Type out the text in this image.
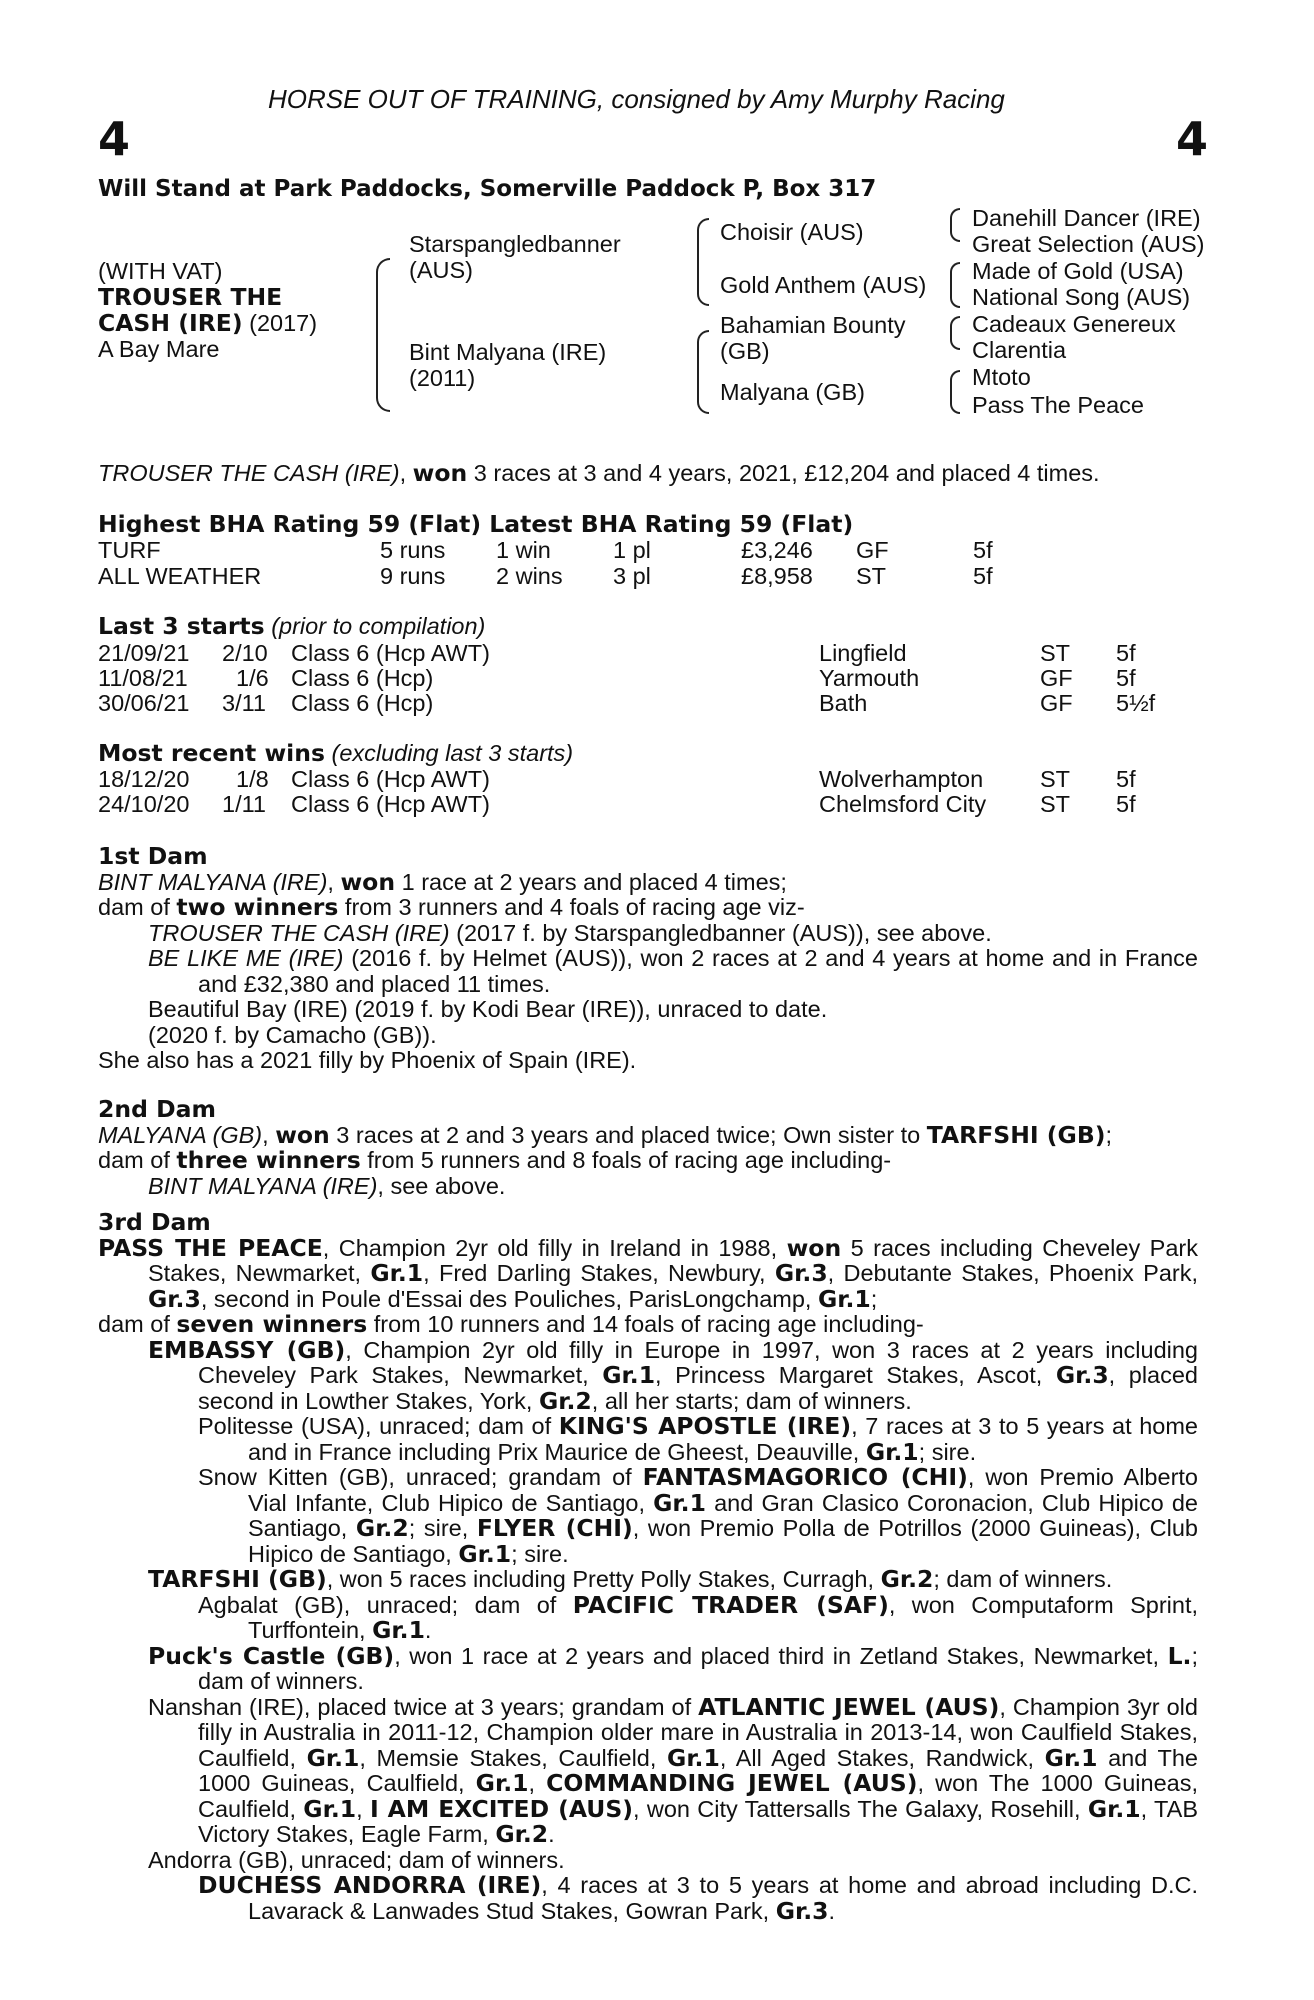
HORSE OUT OF TRAINING, consigned by Amy Murphy Racing
4	4
Will Stand at Park Paddocks, Somerville Paddock P, Box 317
(WITH VAT)
TROUSER THE
CASH (IRE) (2017)
A Bay Mare
Starspangledbanner
(AUS)
Bint Malyana (IRE)
(2011)
Choisir (AUS)
Gold Anthem (AUS)
Bahamian Bounty
(GB)
Malyana (GB)
Danehill Dancer (IRE)
Great Selection (AUS)
Made of Gold (USA)
National Song (AUS)
Cadeaux Genereux
Clarentia
Mtoto
Pass The Peace
TROUSER THE CASH (IRE), won 3 races at 3 and 4 years, 2021, £12,204 and placed 4 times.
Highest BHA Rating 59 (Flat) Latest BHA Rating 59 (Flat)
TURF	5 runs 1 win	1 pl	£3,246 GF	5f
ALL WEATHER	9 runs 2 wins 3 pl	£8,958 ST	5f
Last 3 starts (prior to compilation)
21/09/21 2/10 Class 6 (Hcp AWT)	Lingfield	ST 5f
11/08/21 1/6 Class 6 (Hcp)	Yarmouth	GF 5f
30/06/21 3/11 Class 6 (Hcp)	Bath	GF 5½f
Most recent wins (excluding last 3 starts)
18/12/20 1/8 Class 6 (Hcp AWT)	Wolverhampton ST 5f
24/10/20 1/11 Class 6 (Hcp AWT)	Chelmsford City ST 5f

1st Dam

BINT MALYANA (IRE), won 1 race at 2 years and placed 4 times;

dam of two winners from 3 runners and 4 foals of racing age viz-

TROUSER THE CASH (IRE) (2017 f. by Starspangledbanner (AUS)), see above.

BE LIKE ME (IRE) (2016 f. by Helmet (AUS)), won 2 races at 2 and 4 years at home and in France and £32,380 and placed 11 times.

Beautiful Bay (IRE) (2019 f. by Kodi Bear (IRE)), unraced to date.

(2020 f. by Camacho (GB)).

She also has a 2021 filly by Phoenix of Spain (IRE).

2nd Dam

MALYANA (GB), won 3 races at 2 and 3 years and placed twice; Own sister to TARFSHI (GB);

dam of three winners from 5 runners and 8 foals of racing age including-

BINT MALYANA (IRE), see above.

3rd Dam

PASS THE PEACE, Champion 2yr old filly in Ireland in 1988, won 5 races including Cheveley Park Stakes, Newmarket, Gr.1, Fred Darling Stakes, Newbury, Gr.3, Debutante Stakes, Phoenix Park, Gr.3, second in Poule d'Essai des Pouliches, ParisLongchamp, Gr.1;

dam of seven winners from 10 runners and 14 foals of racing age including-

EMBASSY (GB), Champion 2yr old filly in Europe in 1997, won 3 races at 2 years including Cheveley Park Stakes, Newmarket, Gr.1, Princess Margaret Stakes, Ascot, Gr.3, placed second in Lowther Stakes, York, Gr.2, all her starts; dam of winners.

Politesse (USA), unraced; dam of KING'S APOSTLE (IRE), 7 races at 3 to 5 years at home and in France including Prix Maurice de Gheest, Deauville, Gr.1; sire.

Snow Kitten (GB), unraced; grandam of FANTASMAGORICO (CHI), won Premio Alberto Vial Infante, Club Hipico de Santiago, Gr.1 and Gran Clasico Coronacion, Club Hipico de Santiago, Gr.2; sire, FLYER (CHI), won Premio Polla de Potrillos (2000 Guineas), Club Hipico de Santiago, Gr.1; sire.

TARFSHI (GB), won 5 races including Pretty Polly Stakes, Curragh, Gr.2; dam of winners.

Agbalat (GB), unraced; dam of PACIFIC TRADER (SAF), won Computaform Sprint, Turffontein, Gr.1.

Puck's Castle (GB), won 1 race at 2 years and placed third in Zetland Stakes, Newmarket, L.; dam of winners.

Nanshan (IRE), placed twice at 3 years; grandam of ATLANTIC JEWEL (AUS), Champion 3yr old filly in Australia in 2011-12, Champion older mare in Australia in 2013-14, won Caulfield Stakes, Caulfield, Gr.1, Memsie Stakes, Caulfield, Gr.1, All Aged Stakes, Randwick, Gr.1 and The 1000 Guineas, Caulfield, Gr.1, COMMANDING JEWEL (AUS), won The 1000 Guineas, Caulfield, Gr.1, I AM EXCITED (AUS), won City Tattersalls The Galaxy, Rosehill, Gr.1, TAB Victory Stakes, Eagle Farm, Gr.2.

Andorra (GB), unraced; dam of winners.

DUCHESS ANDORRA (IRE), 4 races at 3 to 5 years at home and abroad including D.C. Lavarack & Lanwades Stud Stakes, Gowran Park, Gr.3.
